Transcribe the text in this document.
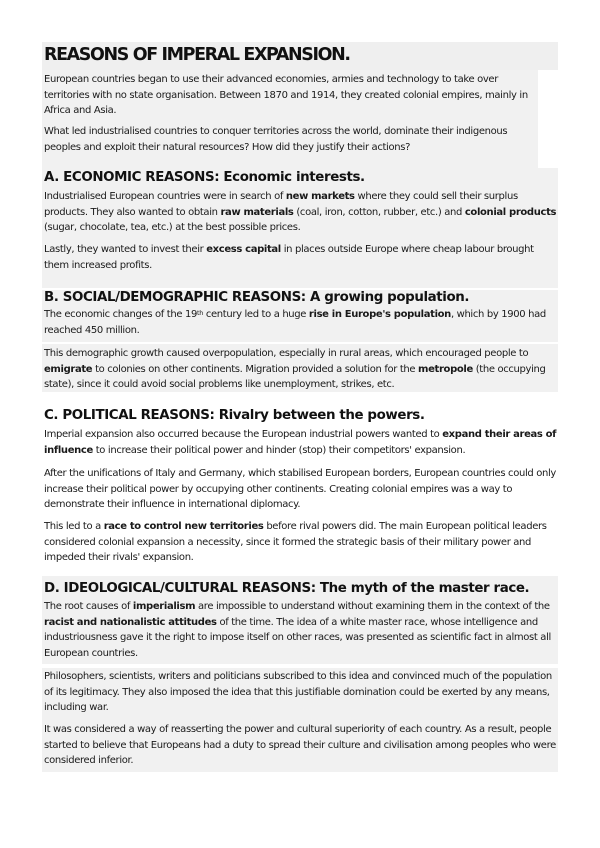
REASONS OF IMPERAL EXPANSION.

European countries began to use their advanced economies, armies and technology to take over territories with no state organisation. Between 1870 and 1914, they created colonial empires, mainly in Africa and Asia.

What led industrialised countries to conquer territories across the world, dominate their indigenous peoples and exploit their natural resources? How did they justify their actions?

A. ECONOMIC REASONS: Economic interests.

Industrialised European countries were in search of new markets where they could sell their surplus products. They also wanted to obtain raw materials (coal, iron, cotton, rubber, etc.) and colonial products (sugar, chocolate, tea, etc.) at the best possible prices.

Lastly, they wanted to invest their excess capital in places outside Europe where cheap labour brought them increased profits.

B. SOCIAL/DEMOGRAPHIC REASONS: A growing population.

The economic changes of the 19th century led to a huge rise in Europe's population, which by 1900 had reached 450 million.

This demographic growth caused overpopulation, especially in rural areas, which encouraged people to emigrate to colonies on other continents. Migration provided a solution for the metropole (the occupying state), since it could avoid social problems like unemployment, strikes, etc.

C. POLITICAL REASONS: Rivalry between the powers.

Imperial expansion also occurred because the European industrial powers wanted to expand their areas of influence to increase their political power and hinder (stop) their competitors' expansion.

After the unifications of Italy and Germany, which stabilised European borders, European countries could only increase their political power by occupying other continents. Creating colonial empires was a way to demonstrate their influence in international diplomacy.

This led to a race to control new territories before rival powers did. The main European political leaders considered colonial expansion a necessity, since it formed the strategic basis of their military power and impeded their rivals' expansion.

D. IDEOLOGICAL/CULTURAL REASONS: The myth of the master race.

The root causes of imperialism are impossible to understand without examining them in the context of the racist and nationalistic attitudes of the time. The idea of a white master race, whose intelligence and industriousness gave it the right to impose itself on other races, was presented as scientific fact in almost all European countries.

Philosophers, scientists, writers and politicians subscribed to this idea and convinced much of the population of its legitimacy. They also imposed the idea that this justifiable domination could be exerted by any means, including war.

It was considered a way of reasserting the power and cultural superiority of each country. As a result, people started to believe that Europeans had a duty to spread their culture and civilisation among peoples who were considered inferior.
